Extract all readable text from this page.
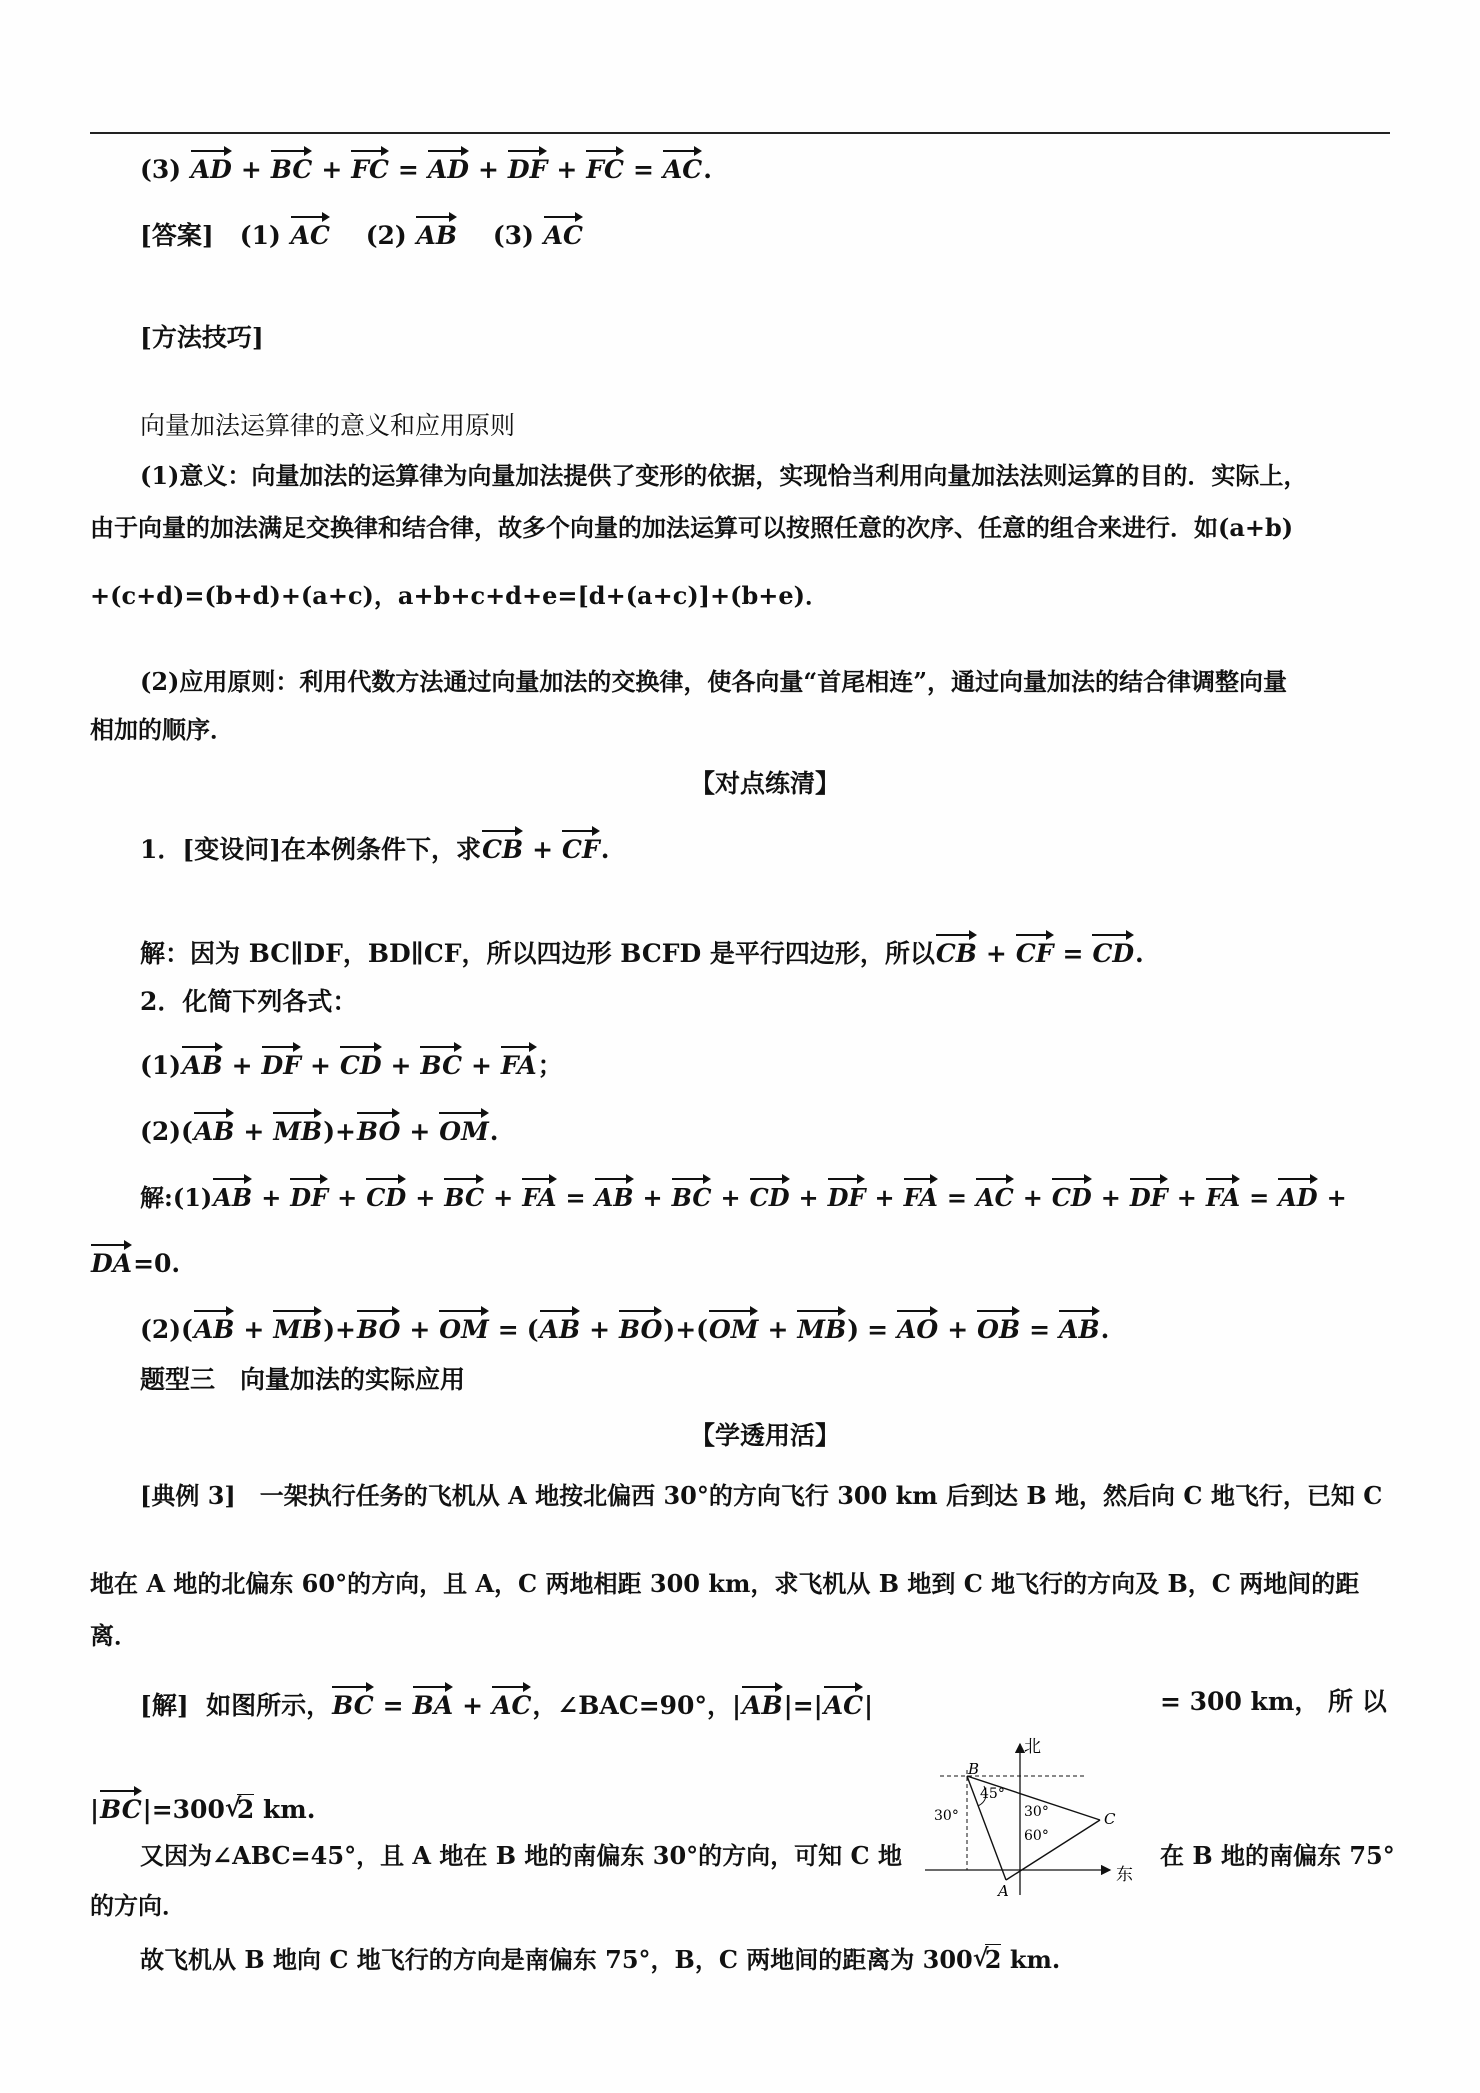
(3) AD + BC + FC = AD + DF + FC = AC.
[答案] (1) AC (2) AB (3) AC
[方法技巧]
向量加法运算律的意义和应用原则
(1)意义：向量加法的运算律为向量加法提供了变形的依据，实现恰当利用向量加法法则运算的目的．实际上，
由于向量的加法满足交换律和结合律，故多个向量的加法运算可以按照任意的次序、任意的组合来进行．如(a+b)
+(c+d)=(b+d)+(a+c)，a+b+c+d+e=[d+(a+c)]+(b+e)．
(2)应用原则：利用代数方法通过向量加法的交换律，使各向量“首尾相连”，通过向量加法的结合律调整向量
相加的顺序．
【对点练清】
1．[变设问]在本例条件下，求CB + CF.
解：因为 BC∥DF，BD∥CF，所以四边形 BCFD 是平行四边形，所以CB + CF = CD.
2．化简下列各式：
(1)AB + DF + CD + BC + FA；
(2)(AB + MB)+BO + OM.
解:(1)AB + DF + CD + BC + FA = AB + BC + CD + DF + FA = AC + CD + DF + FA = AD +
DA=0.
(2)(AB + MB)+BO + OM = (AB + BO)+(OM + MB) = AO + OB = AB.
题型三　向量加法的实际应用
【学透用活】
[典例 3]　一架执行任务的飞机从 A 地按北偏西 30°的方向飞行 300 km 后到达 B 地，然后向 C 地飞行，已知 C
地在 A 地的北偏东 60°的方向，且 A，C 两地相距 300 km，求飞机从 B 地到 C 地飞行的方向及 B，C 两地间的距
离．
[解] 如图所示，BC = BA + AC，∠BAC=90°，|AB|=|AC|	= 300 km， 所 以
|BC|=300 √ 2 km.
又因为∠ABC=45°，且 A 地在 B 地的南偏东 30°的方向，可知 C 地	在 B 地的南偏东 75°
的方向．
故飞机从 B 地向 C 地飞行的方向是南偏东 75°，B，C 两地间的距离为 300 √ 2 km.
北
东
B
C
A
30°
45°
30°
60°
